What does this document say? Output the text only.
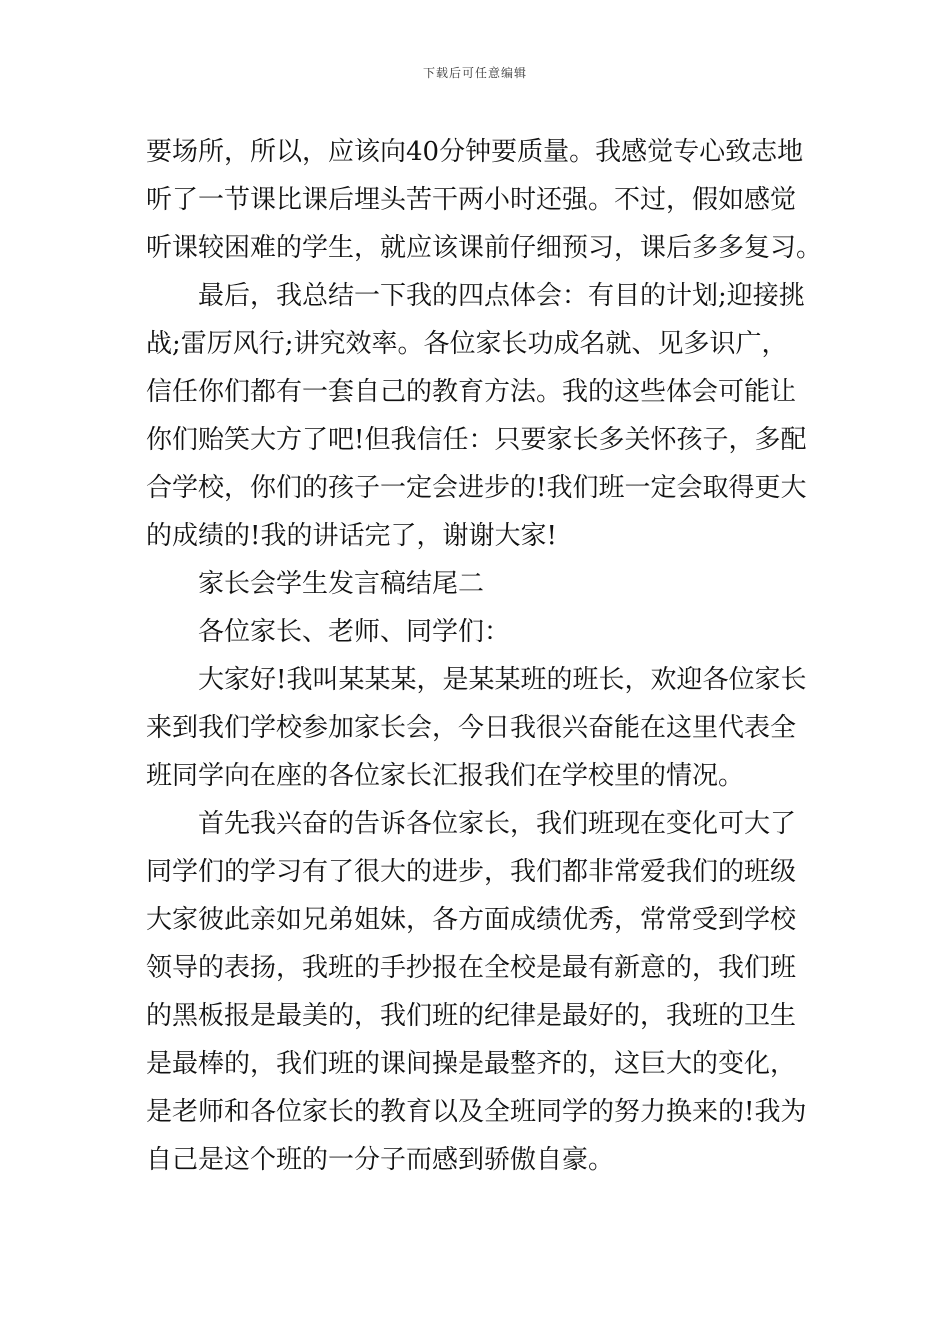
下载后可任意编辑
要场所，所以，应该向40分钟要质量。我感觉专心致志地
听了一节课比课后埋头苦干两小时还强。不过，假如感觉
听课较困难的学生，就应该课前仔细预习，课后多多复习。
最后，我总结一下我的四点体会：有目的计划;迎接挑
战;雷厉风行;讲究效率。各位家长功成名就、见多识广，
信任你们都有一套自己的教育方法。我的这些体会可能让
你们贻笑大方了吧!但我信任：只要家长多关怀孩子，多配
合学校，你们的孩子一定会进步的!我们班一定会取得更大
的成绩的!我的讲话完了，谢谢大家!
家长会学生发言稿结尾二
各位家长、老师、同学们：
大家好!我叫某某某，是某某班的班长，欢迎各位家长
来到我们学校参加家长会，今日我很兴奋能在这里代表全
班同学向在座的各位家长汇报我们在学校里的情况。
首先我兴奋的告诉各位家长，我们班现在变化可大了
同学们的学习有了很大的进步，我们都非常爱我们的班级
大家彼此亲如兄弟姐妹，各方面成绩优秀，常常受到学校
领导的表扬，我班的手抄报在全校是最有新意的，我们班
的黑板报是最美的，我们班的纪律是最好的，我班的卫生
是最棒的，我们班的课间操是最整齐的，这巨大的变化，
是老师和各位家长的教育以及全班同学的努力换来的!我为
自己是这个班的一分子而感到骄傲自豪。
